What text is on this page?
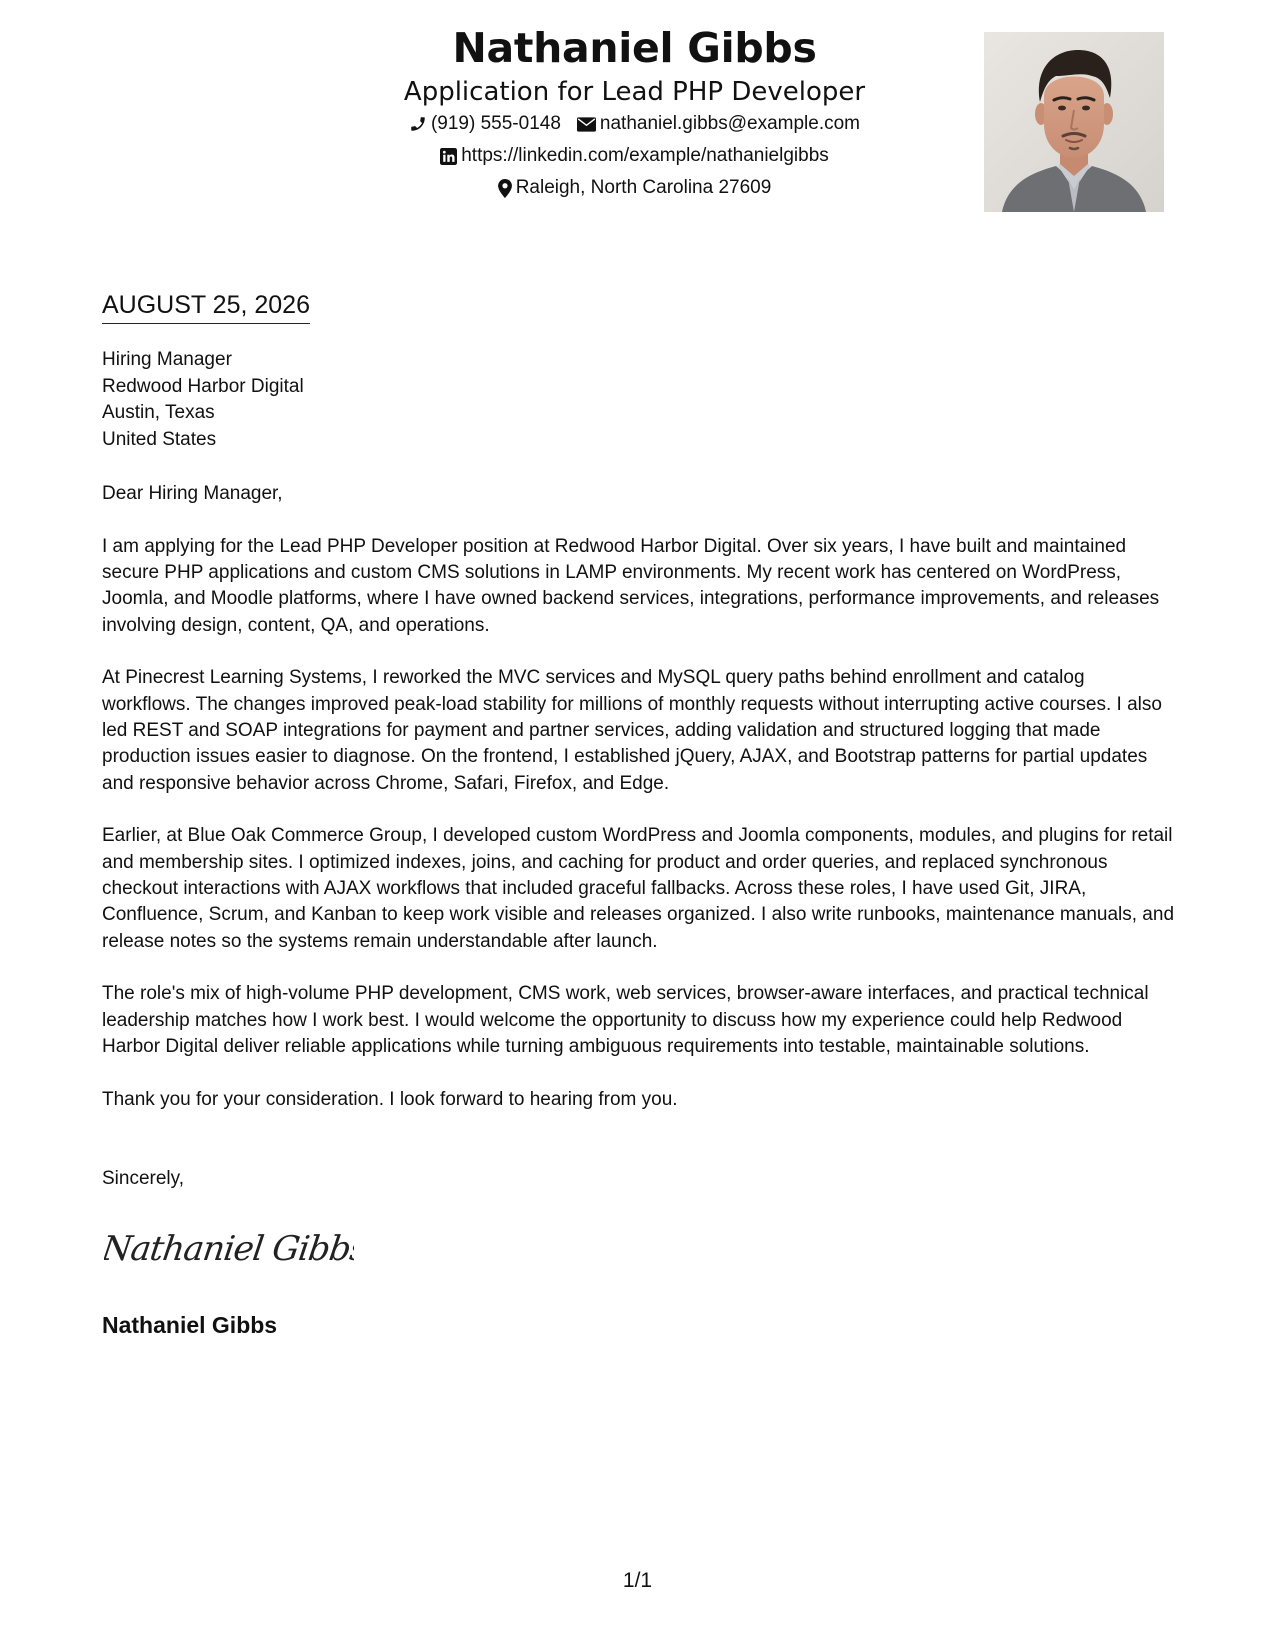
Nathaniel Gibbs
Application for Lead PHP Developer
(919) 555-0148 nathaniel.gibbs@example.com
https://linkedin.com/example/nathanielgibbs
Raleigh, North Carolina 27609
AUGUST 25, 2026
Hiring Manager
Redwood Harbor Digital
Austin, Texas
United States

Dear Hiring Manager,

I am applying for the Lead PHP Developer position at Redwood Harbor Digital. Over six years, I have built and maintained secure PHP applications and custom CMS solutions in LAMP environments. My recent work has centered on WordPress, Joomla, and Moodle platforms, where I have owned backend services, integrations, performance improvements, and releases involving design, content, QA, and operations.

At Pinecrest Learning Systems, I reworked the MVC services and MySQL query paths behind enrollment and catalog workflows. The changes improved peak-load stability for millions of monthly requests without interrupting active courses. I also led REST and SOAP integrations for payment and partner services, adding validation and structured logging that made production issues easier to diagnose. On the frontend, I established jQuery, AJAX, and Bootstrap patterns for partial updates and responsive behavior across Chrome, Safari, Firefox, and Edge.

Earlier, at Blue Oak Commerce Group, I developed custom WordPress and Joomla components, modules, and plugins for retail and membership sites. I optimized indexes, joins, and caching for product and order queries, and replaced synchronous checkout interactions with AJAX workflows that included graceful fallbacks. Across these roles, I have used Git, JIRA, Confluence, Scrum, and Kanban to keep work visible and releases organized. I also write runbooks, maintenance manuals, and release notes so the systems remain understandable after launch.

The role's mix of high-volume PHP development, CMS work, web services, browser-aware interfaces, and practical technical leadership matches how I work best. I would welcome the opportunity to discuss how my experience could help Redwood Harbor Digital deliver reliable applications while turning ambiguous requirements into testable, maintainable solutions.

Thank you for your consideration. I look forward to hearing from you.

Sincerely,
Nathaniel Gibbs
Nathaniel Gibbs
1/1
